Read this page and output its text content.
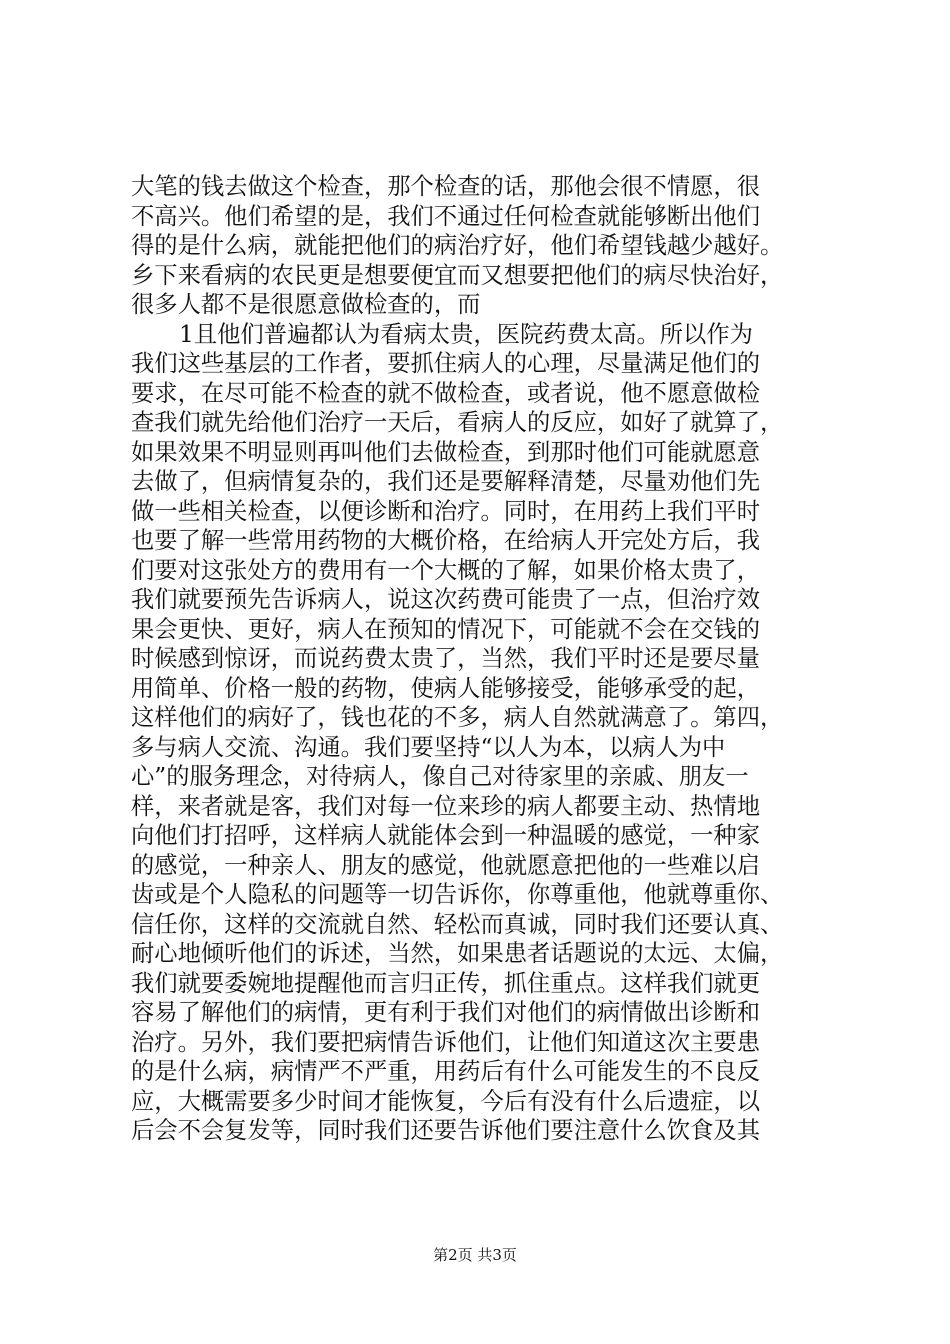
大笔的钱去做这个检查，那个检查的话，那他会很不情愿，很
不高兴。他们希望的是，我们不通过任何检查就能够断出他们
得的是什么病，就能把他们的病治疗好，他们希望钱越少越好。
乡下来看病的农民更是想要便宜而又想要把他们的病尽快治好，
很多人都不是很愿意做检查的，而
1且他们普遍都认为看病太贵，医院药费太高。所以作为
我们这些基层的工作者，要抓住病人的心理，尽量满足他们的
要求，在尽可能不检查的就不做检查，或者说，他不愿意做检
查我们就先给他们治疗一天后，看病人的反应，如好了就算了，
如果效果不明显则再叫他们去做检查，到那时他们可能就愿意
去做了，但病情复杂的，我们还是要解释清楚，尽量劝他们先
做一些相关检查，以便诊断和治疗。同时，在用药上我们平时
也要了解一些常用药物的大概价格，在给病人开完处方后，我
们要对这张处方的费用有一个大概的了解，如果价格太贵了，
我们就要预先告诉病人，说这次药费可能贵了一点，但治疗效
果会更快、更好，病人在预知的情况下，可能就不会在交钱的
时候感到惊讶，而说药费太贵了，当然，我们平时还是要尽量
用简单、价格一般的药物，使病人能够接受，能够承受的起，
这样他们的病好了，钱也花的不多，病人自然就满意了。第四，
多与病人交流、沟通。我们要坚持“以人为本，以病人为中
心”的服务理念，对待病人，像自己对待家里的亲戚、朋友一
样，来者就是客，我们对每一位来珍的病人都要主动、热情地
向他们打招呼，这样病人就能体会到一种温暖的感觉，一种家
的感觉，一种亲人、朋友的感觉，他就愿意把他的一些难以启
齿或是个人隐私的问题等一切告诉你，你尊重他，他就尊重你、
信任你，这样的交流就自然、轻松而真诚，同时我们还要认真、
耐心地倾听他们的诉述，当然，如果患者话题说的太远、太偏，
我们就要委婉地提醒他而言归正传，抓住重点。这样我们就更
容易了解他们的病情，更有利于我们对他们的病情做出诊断和
治疗。另外，我们要把病情告诉他们，让他们知道这次主要患
的是什么病，病情严不严重，用药后有什么可能发生的不良反
应，大概需要多少时间才能恢复，今后有没有什么后遗症，以
后会不会复发等，同时我们还要告诉他们要注意什么饮食及其
第2页 共3页
